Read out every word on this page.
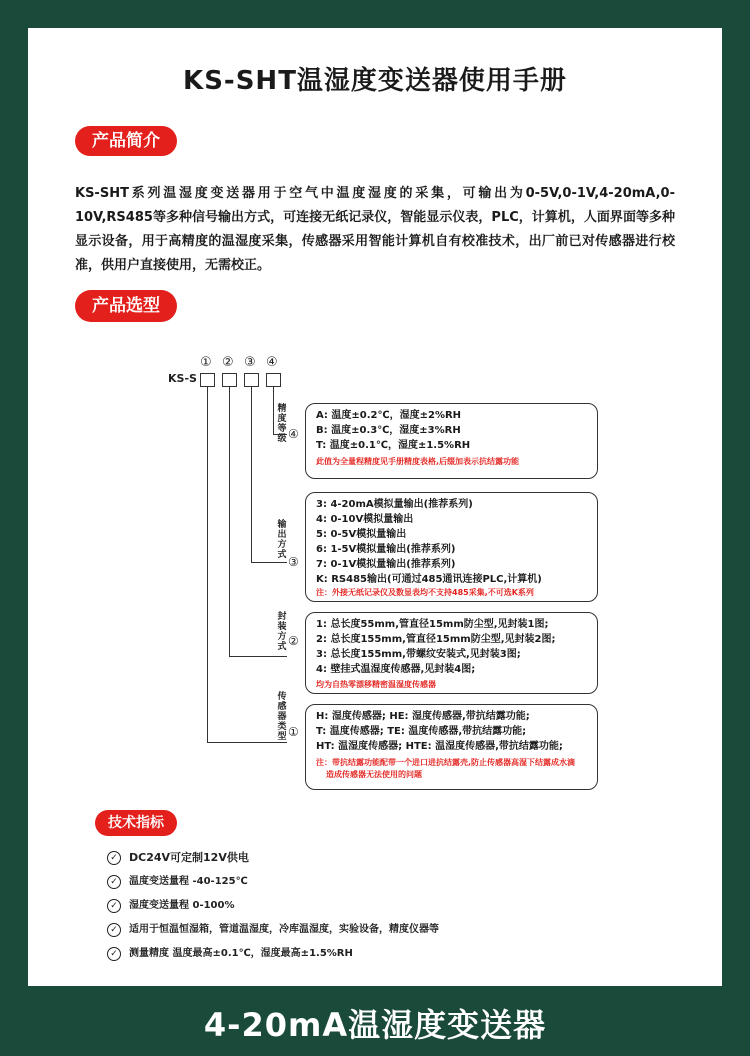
KS-SHT温湿度变送器使用手册
产品简介
KS-SHT系列温湿度变送器用于空气中温度湿度的采集，可输出为0-5V,0-1V,4-20mA,0-10V,RS485等多种信号输出方式，可连接无纸记录仪，智能显示仪表，PLC，计算机，人面界面等多种显示设备，用于高精度的温湿度采集，传感器采用智能计算机自有校准技术，出厂前已对传感器进行校准，供用户直接使用，无需校正。
产品选型
① ② ③ ④
KS-S
精度等级 ④
输出方式 ③
封装方式 ②
传感器类型 ①
A: 温度±0.2℃，湿度±2%RH
B: 温度±0.3℃，湿度±3%RH
T: 温度±0.1℃，湿度±1.5%RH
此值为全量程精度见手册精度表格,后缀加表示抗结露功能
3: 4-20mA模拟量输出(推荐系列)
4: 0-10V模拟量输出
5: 0-5V模拟量输出
6: 1-5V模拟量输出(推荐系列)
7: 0-1V模拟量输出(推荐系列)
K: RS485输出(可通过485通讯连接PLC,计算机)
注：外接无纸记录仪及数显表均不支持485采集,不可选K系列
1: 总长度55mm,管直径15mm防尘型,见封装1图;
2: 总长度155mm,管直径15mm防尘型,见封装2图;
3: 总长度155mm,带螺纹安装式,见封装3图;
4: 壁挂式温湿度传感器,见封装4图;
均为自热零漂移精密温湿度传感器
H: 湿度传感器; HE: 湿度传感器,带抗结露功能;
T: 温度传感器; TE: 温度传感器,带抗结露功能;
HT: 温湿度传感器; HTE: 温湿度传感器,带抗结露功能;
注：带抗结露功能配带一个进口进抗结露壳,防止传感器高湿下结露成水滴
造成传感器无法使用的问题
技术指标
✓ DC24V可定制12V供电
✓	温度变送量程 -40-125℃
✓	湿度变送量程 0-100%
✓	适用于恒温恒湿箱，管道温湿度，冷库温湿度，实验设备，精度仪器等
✓	测量精度 温度最高±0.1℃，湿度最高±1.5%RH
4-20mA温湿度变送器
